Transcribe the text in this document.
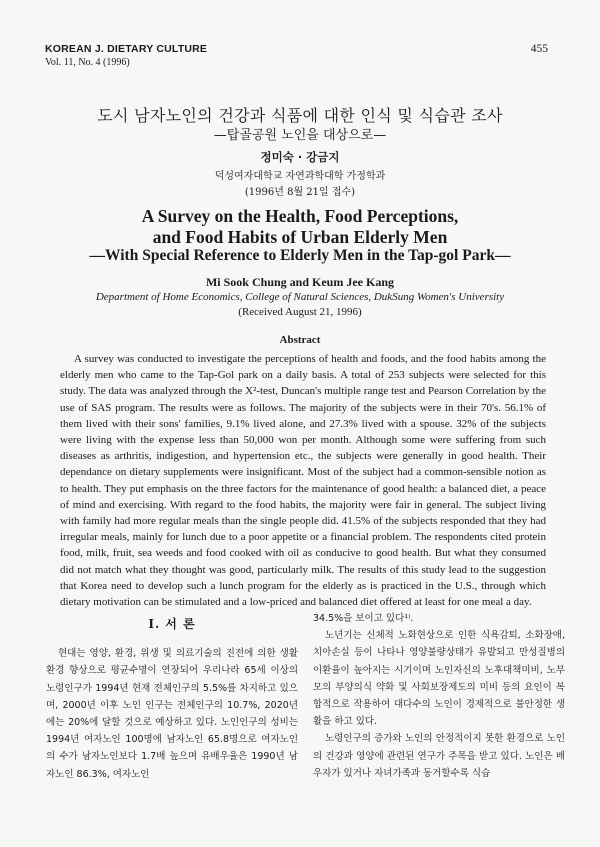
KOREAN J. DIETARY CULTURE
Vol. 11, No. 4 (1996)
455
도시 남자노인의 건강과 식품에 대한 인식 및 식습관 조사
—탑골공원 노인을 대상으로—
정미숙 · 강금지
덕성여자대학교 자연과학대학 가정학과
(1996년 8월 21일 접수)
A Survey on the Health, Food Perceptions,
and Food Habits of Urban Elderly Men
—With Special Reference to Elderly Men in the Tap-gol Park—
Mi Sook Chung and Keum Jee Kang
Department of Home Economics, College of Natural Sciences, DukSung Women's University
(Received August 21, 1996)
Abstract

A survey was conducted to investigate the perceptions of health and foods, and the food habits among the elderly men who came to the Tap-Gol park on a daily basis. A total of 253 subjects were selected for this study. The data was analyzed through the X²-test, Duncan's multiple range test and Pearson Correlation by the use of SAS program. The results were as follows. The majority of the subjects were in their 70's. 56.1% of them lived with their sons' families, 9.1% lived alone, and 27.3% lived with a spouse. 32% of the subjects were living with the expense less than 50,000 won per month. Although some were suffering from such diseases as arthritis, indigestion, and hypertension etc., the subjects were generally in good health. Their dependance on dietary supplements were insignificant. Most of the subject had a common-sensible notion as to health. They put emphasis on the three factors for the maintenance of good health: a balanced diet, a peace of mind and exercising. With regard to the food habits, the majority were fair in general. The subject living with family had more regular meals than the single people did. 41.5% of the subjects responded that they had irregular meals, mainly for lunch due to a poor appetite or a financial problem. The respondents cited protein food, milk, fruit, sea weeds and food cooked with oil as conducive to good health. But what they consumed did not match what they thought was good, particularly milk. The results of this study lead to the suggestion that Korea need to develop such a lunch program for the elderly as is practiced in the U.S., through which dietary motivation can be stimulated and a low-priced and balanced diet offered at least for one meal a day.

I. 서 론

현대는 영양, 환경, 위생 및 의료기술의 진전에 의한 생활환경 향상으로 평균수명이 연장되어 우리나라 65세 이상의 노령인구가 1994년 현재 전체인구의 5.5%를 차지하고 있으며, 2000년 이후 노인 인구는 전체인구의 10.7%, 2020년에는 20%에 달할 것으로 예상하고 있다. 노인인구의 성비는 1994년 여자노인 100명에 남자노인 65.8명으로 여자노인의 수가 남자노인보다 1.7배 높으며 유배우율은 1990년 남자노인 86.3%, 여자노인

34.5%을 보이고 있다¹⁾.

노년기는 신체적 노화현상으로 인한 식욕감퇴, 소화장애, 치아손실 등이 나타나 영양불량상태가 유발되고 만성질병의 이환율이 높아지는 시기이며 노인자신의 노후대책미비, 노부모의 부양의식 약화 및 사회보장제도의 미비 등의 요인이 복합적으로 작용하여 대다수의 노인이 경제적으로 불안정한 생활을 하고 있다.

노령인구의 증가와 노인의 안정적이지 못한 환경으로 노인의 건강과 영양에 관련된 연구가 주목을 받고 있다. 노인은 배우자가 있거나 자녀가족과 동거할수록 식습
